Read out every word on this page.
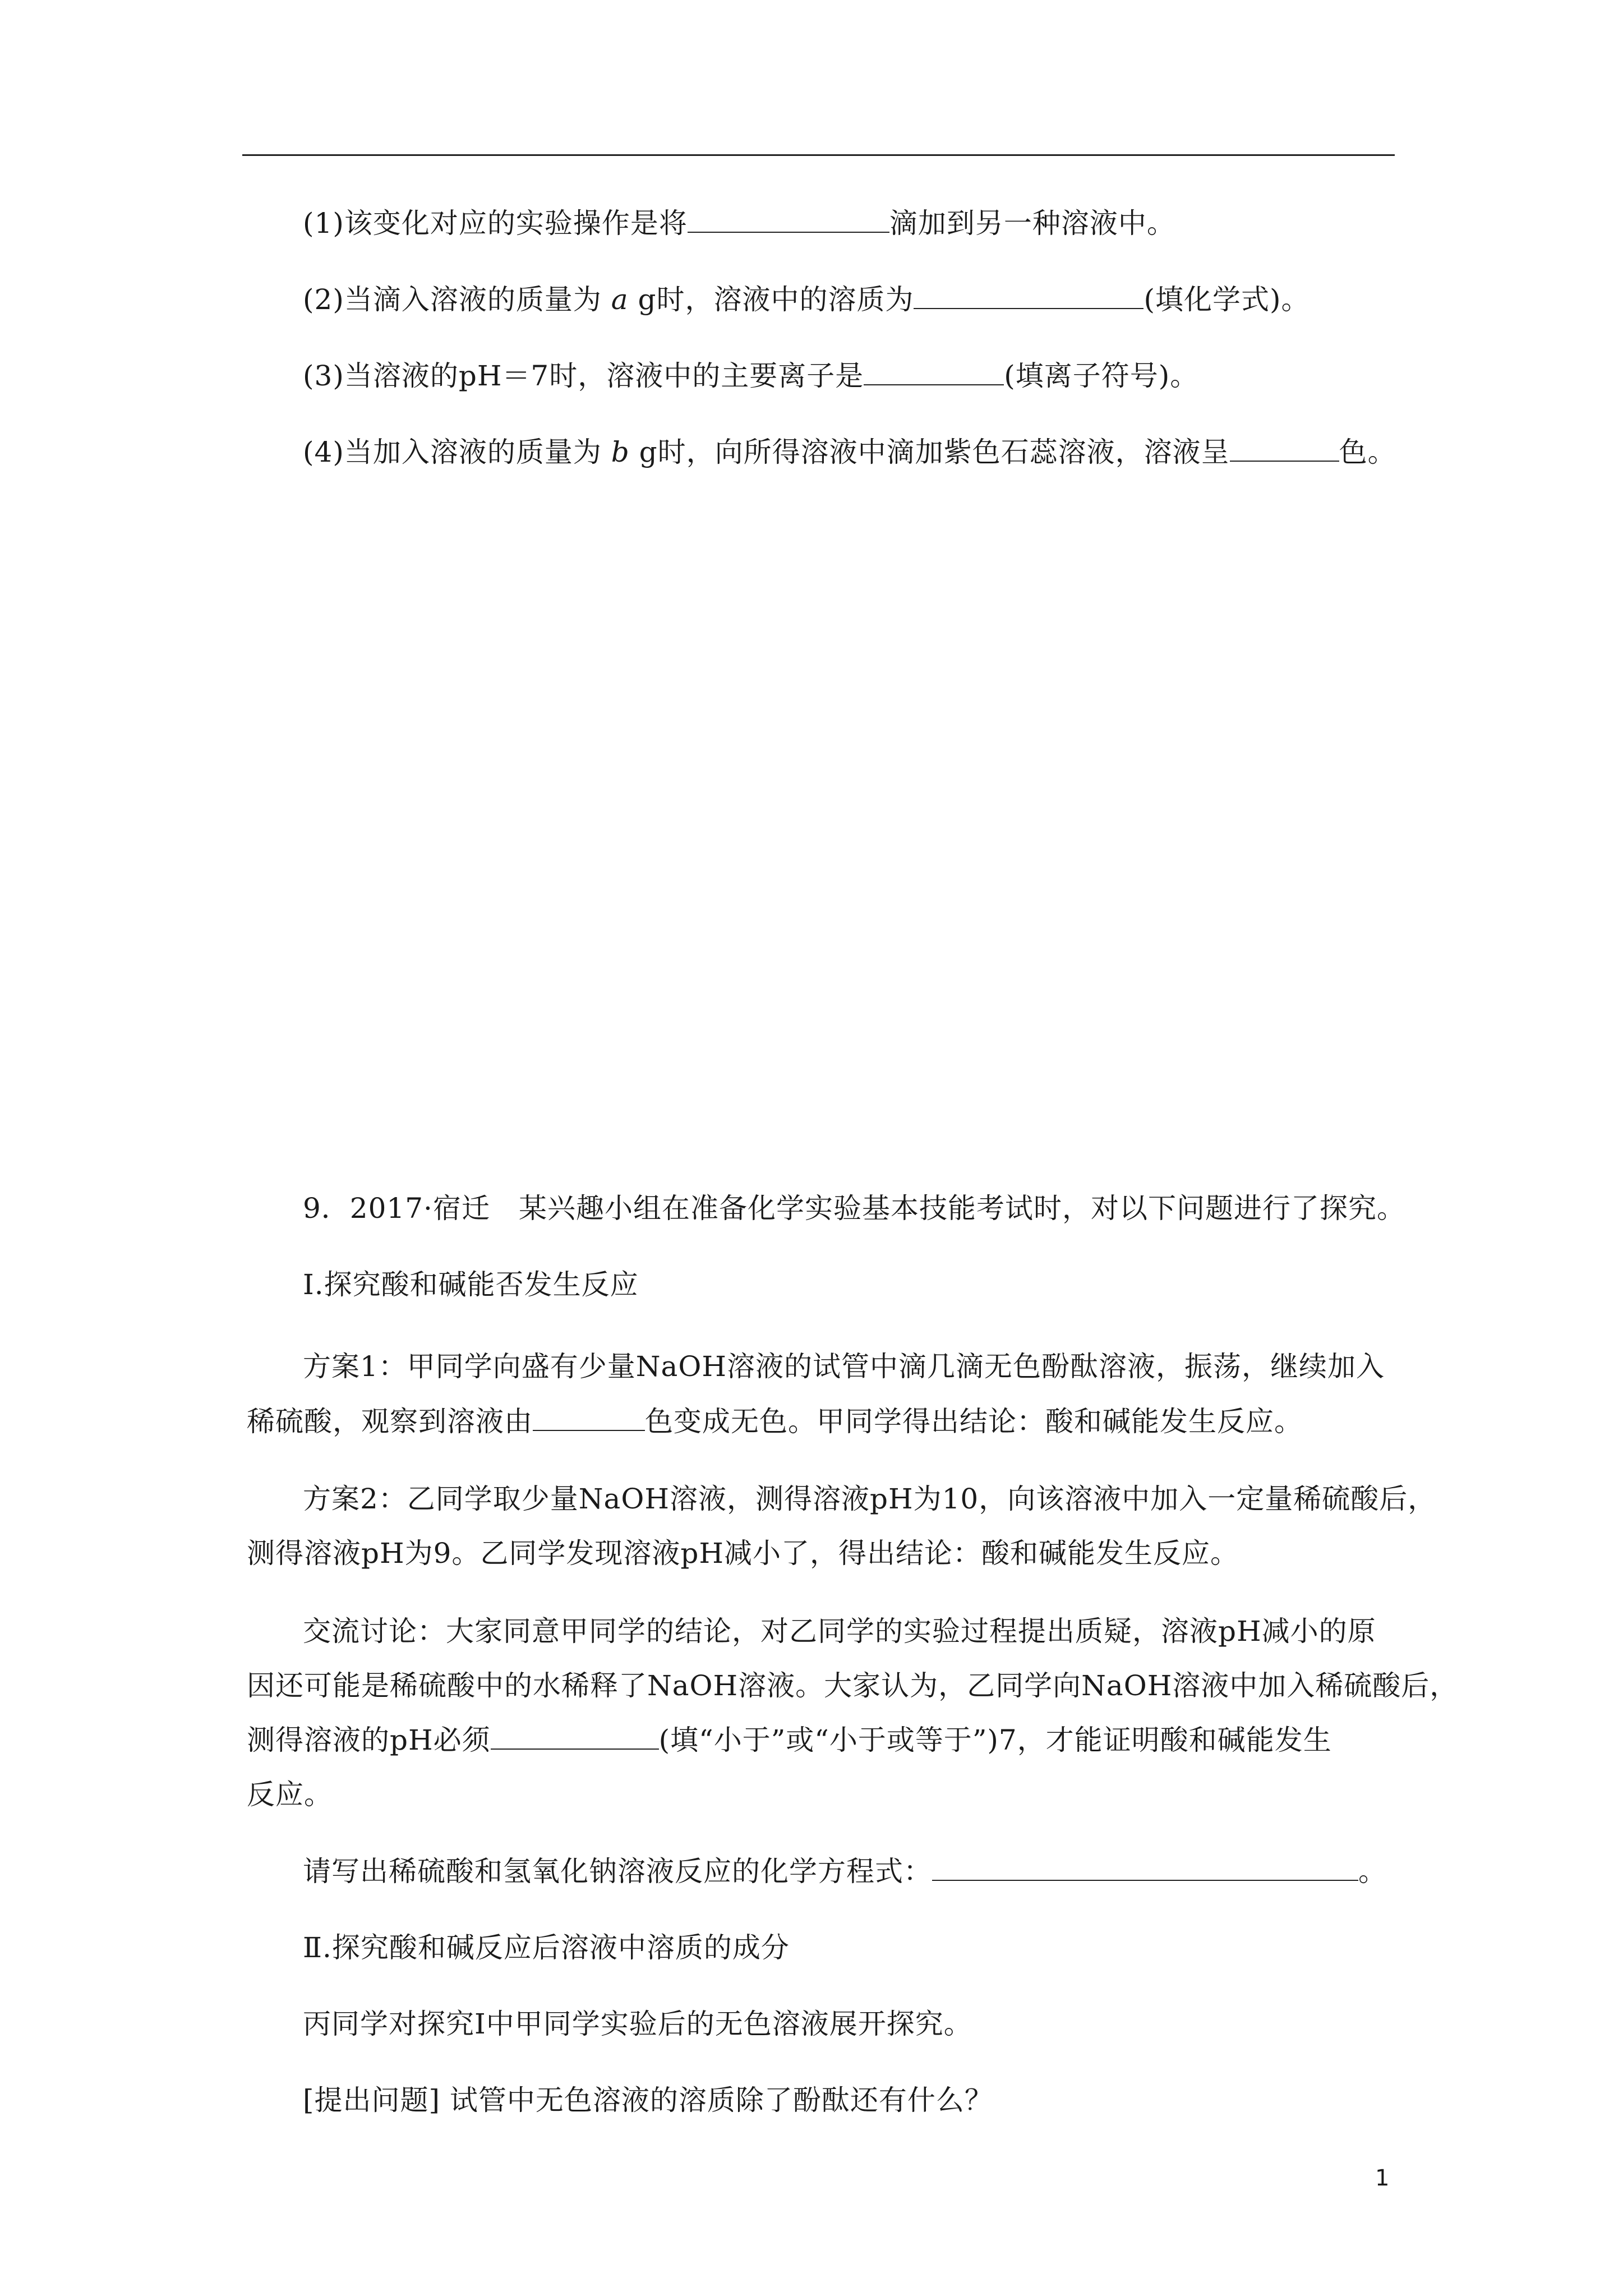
(1)该变化对应的实验操作是将	滴加到另一种溶液中。
(2)当滴入溶液的质量为 a g时，溶液中的溶质为	(填化学式)。
(3)当溶液的pH＝7时，溶液中的主要离子是	(填离子符号)。
(4)当加入溶液的质量为 b g时，向所得溶液中滴加紫色石蕊溶液，溶液呈	色。
9．2017·宿迁　某兴趣小组在准备化学实验基本技能考试时，对以下问题进行了探究。
Ⅰ.探究酸和碱能否发生反应
方案1：甲同学向盛有少量NaOH溶液的试管中滴几滴无色酚酞溶液，振荡，继续加入
稀硫酸，观察到溶液由	色变成无色。甲同学得出结论：酸和碱能发生反应。
方案2：乙同学取少量NaOH溶液，测得溶液pH为10，向该溶液中加入一定量稀硫酸后，
测得溶液pH为9。乙同学发现溶液pH减小了，得出结论：酸和碱能发生反应。
交流讨论：大家同意甲同学的结论，对乙同学的实验过程提出质疑，溶液pH减小的原
因还可能是稀硫酸中的水稀释了NaOH溶液。大家认为，乙同学向NaOH溶液中加入稀硫酸后，
测得溶液的pH必须	(填“小于”或“小于或等于”)7，才能证明酸和碱能发生
反应。
请写出稀硫酸和氢氧化钠溶液反应的化学方程式：	。
Ⅱ.探究酸和碱反应后溶液中溶质的成分
丙同学对探究Ⅰ中甲同学实验后的无色溶液展开探究。
[提出问题] 试管中无色溶液的溶质除了酚酞还有什么？
1
